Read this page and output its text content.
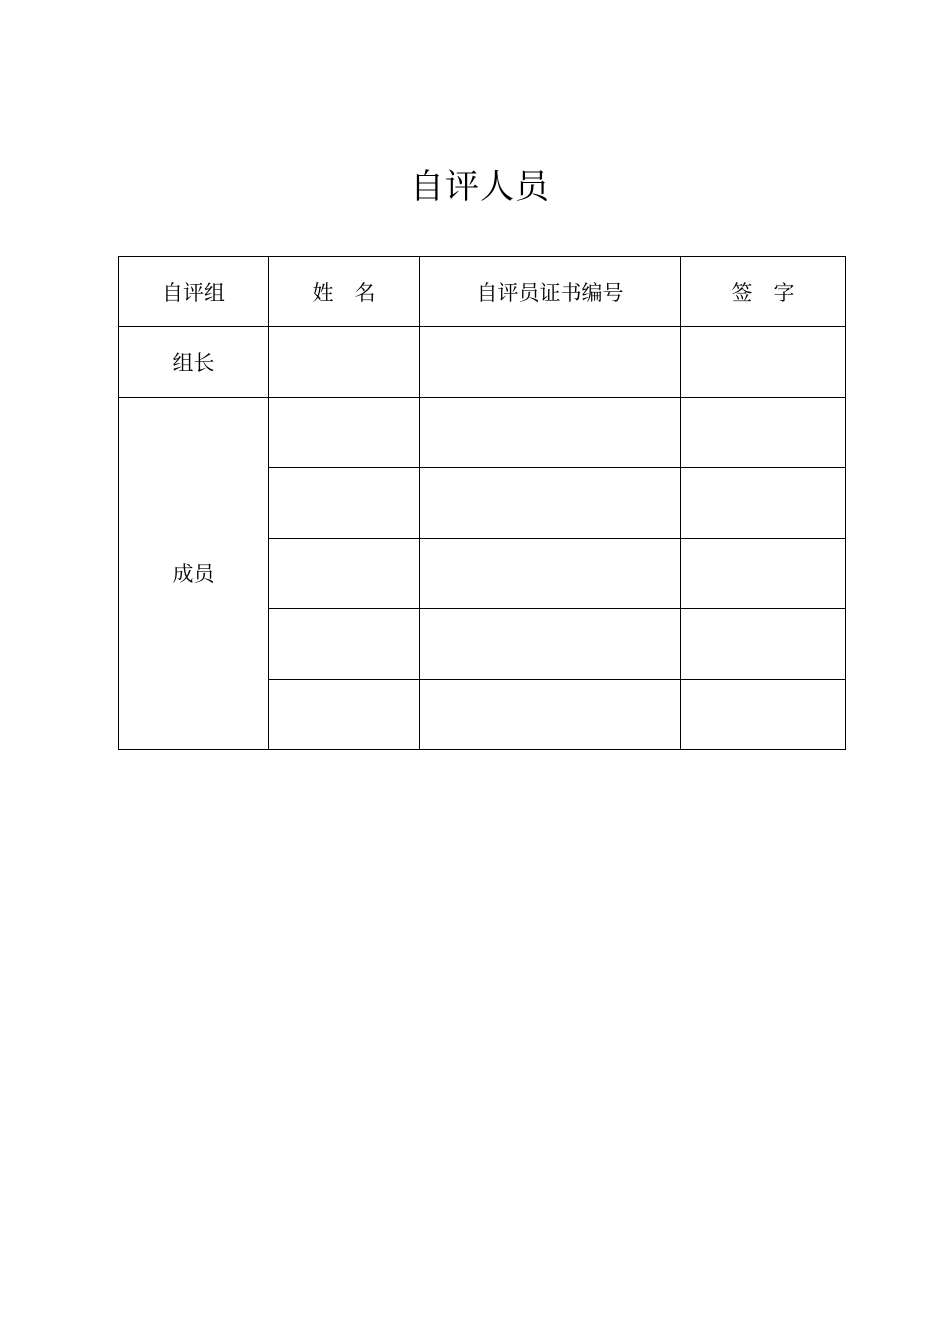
自评人员
自评组	姓　名	自评员证书编号	签　字
组长			
成员			
